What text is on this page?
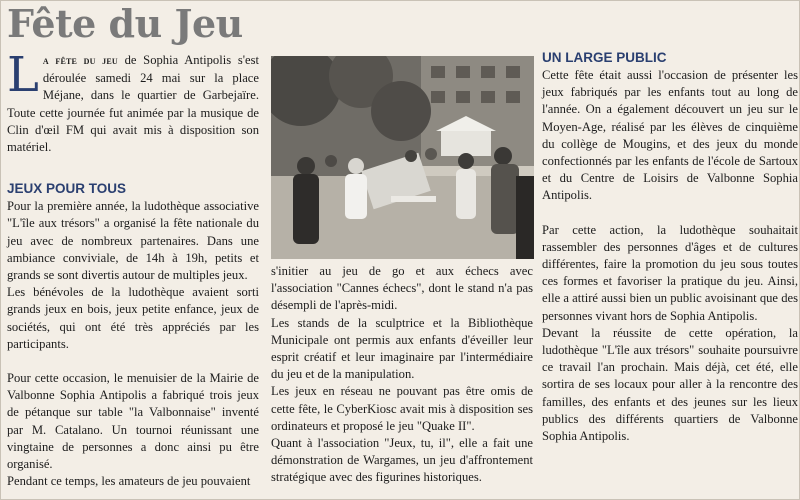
Fête du Jeu

La fête du jeu de Sophia Antipolis s'est déroulée samedi 24 mai sur la place Méjane, dans le quartier de Garbejaïre. Toute cette journée fut animée par la musique de Clin d'œil FM qui avait mis à disposition son matériel.

JEUX POUR TOUS

Pour la première année, la ludothèque associative "L'île aux trésors" a organisé la fête nationale du jeu avec de nombreux partenaires. Dans une ambiance conviviale, de 14h à 19h, petits et grands se sont divertis autour de multiples jeux.

Les bénévoles de la ludothèque avaient sorti grands jeux en bois, jeux petite enfance, jeux de sociétés, qui ont été très appréciés par les participants.

Pour cette occasion, le menuisier de la Mairie de Valbonne Sophia Antipolis a fabriqué trois jeux de pétanque sur table "la Valbonnaise" inventé par M. Catalano. Un tournoi réunissant une vingtaine de personnes a donc ainsi pu être organisé.

Pendant ce temps, les amateurs de jeu pouvaient

s'initier au jeu de go et aux échecs avec l'association "Cannes échecs", dont le stand n'a pas désempli de l'après-midi.

Les stands de la sculptrice et la Bibliothèque Municipale ont permis aux enfants d'éveiller leur esprit créatif et leur imaginaire par l'intermédiaire du jeu et de la manipulation.

Les jeux en réseau ne pouvant pas être omis de cette fête, le CyberKiosc avait mis à disposition ses ordinateurs et proposé le jeu "Quake II".

Quant à l'association "Jeux, tu, il", elle a fait une démonstration de Wargames, un jeu d'affrontement stratégique avec des figurines historiques.

UN LARGE PUBLIC

Cette fête était aussi l'occasion de présenter les jeux fabriqués par les enfants tout au long de l'année. On a également découvert un jeu sur le Moyen-Age, réalisé par les élèves de cinquième du collège de Mougins, et des jeux du monde confectionnés par les enfants de l'école de Sartoux et du Centre de Loisirs de Valbonne Sophia Antipolis.

Par cette action, la ludothèque souhaitait rassembler des personnes d'âges et de cultures différentes, faire la promotion du jeu sous toutes ces formes et favoriser la pratique du jeu. Ainsi, elle a attiré aussi bien un public avoisinant que des personnes vivant hors de Sophia Antipolis.

Devant la réussite de cette opération, la ludothèque "L'île aux trésors" souhaite poursuivre ce travail l'an prochain. Mais déjà, cet été, elle sortira de ses locaux pour aller à la rencontre des familles, des enfants et des jeunes sur les lieux publics des différents quartiers de Valbonne Sophia Antipolis.
